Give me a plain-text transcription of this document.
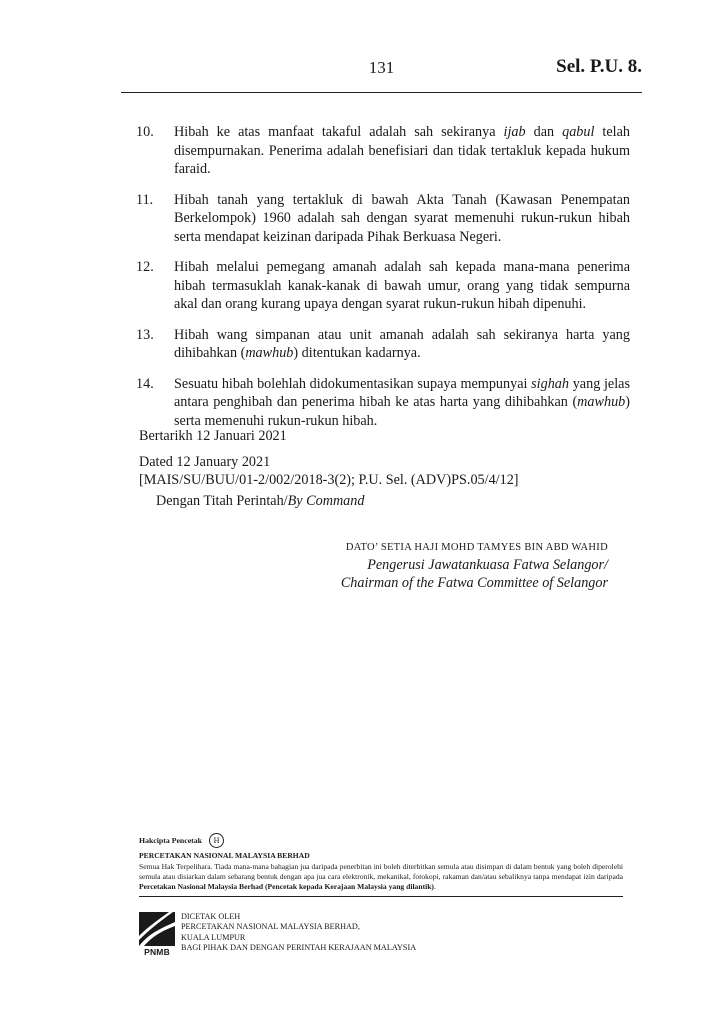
131	Sel. P.U. 8.
10.	Hibah ke atas manfaat takaful adalah sah sekiranya ijab dan qabul telah disempurnakan. Penerima adalah benefisiari dan tidak tertakluk kepada hukum faraid.
11.	Hibah tanah yang tertakluk di bawah Akta Tanah (Kawasan Penempatan Berkelompok) 1960 adalah sah dengan syarat memenuhi rukun-rukun hibah serta mendapat keizinan daripada Pihak Berkuasa Negeri.
12.	Hibah melalui pemegang amanah adalah sah kepada mana-mana penerima hibah termasuklah kanak-kanak di bawah umur, orang yang tidak sempurna akal dan orang kurang upaya dengan syarat rukun-rukun hibah dipenuhi.
13.	Hibah wang simpanan atau unit amanah adalah sah sekiranya harta yang dihibahkan (mawhub) ditentukan kadarnya.
14.	Sesuatu hibah bolehlah didokumentasikan supaya mempunyai sighah yang jelas antara penghibah dan penerima hibah ke atas harta yang dihibahkan (mawhub) serta memenuhi rukun-rukun hibah.
Bertarikh 12 Januari 2021
Dated 12 January 2021
[MAIS/SU/BUU/01-2/002/2018-3(2); P.U. Sel. (ADV)PS.05/4/12]
Dengan Titah Perintah/By Command
DATO’ SETIA HAJI MOHD TAMYES BIN ABD WAHID
Pengerusi Jawatankuasa Fatwa Selangor/
Chairman of the Fatwa Committee of Selangor
Hakcipta Pencetak	H
PERCETAKAN NASIONAL MALAYSIA BERHAD
Semua Hak Terpelihara. Tiada mana-mana bahagian jua daripada penerbitan ini boleh diterbitkan semula atau disimpan di dalam bentuk yang boleh diperolehi semula atau disiarkan dalam sebarang bentuk dengan apa jua cara elektronik, mekanikal, fotokopi, rakaman dan/atau sebaliknya tanpa mendapat izin daripada Percetakan Nasional Malaysia Berhad (Pencetak kepada Kerajaan Malaysia yang dilantik).
PNMB
DICETAK OLEH
PERCETAKAN NASIONAL MALAYSIA BERHAD,
KUALA LUMPUR
BAGI PIHAK DAN DENGAN PERINTAH KERAJAAN MALAYSIA
